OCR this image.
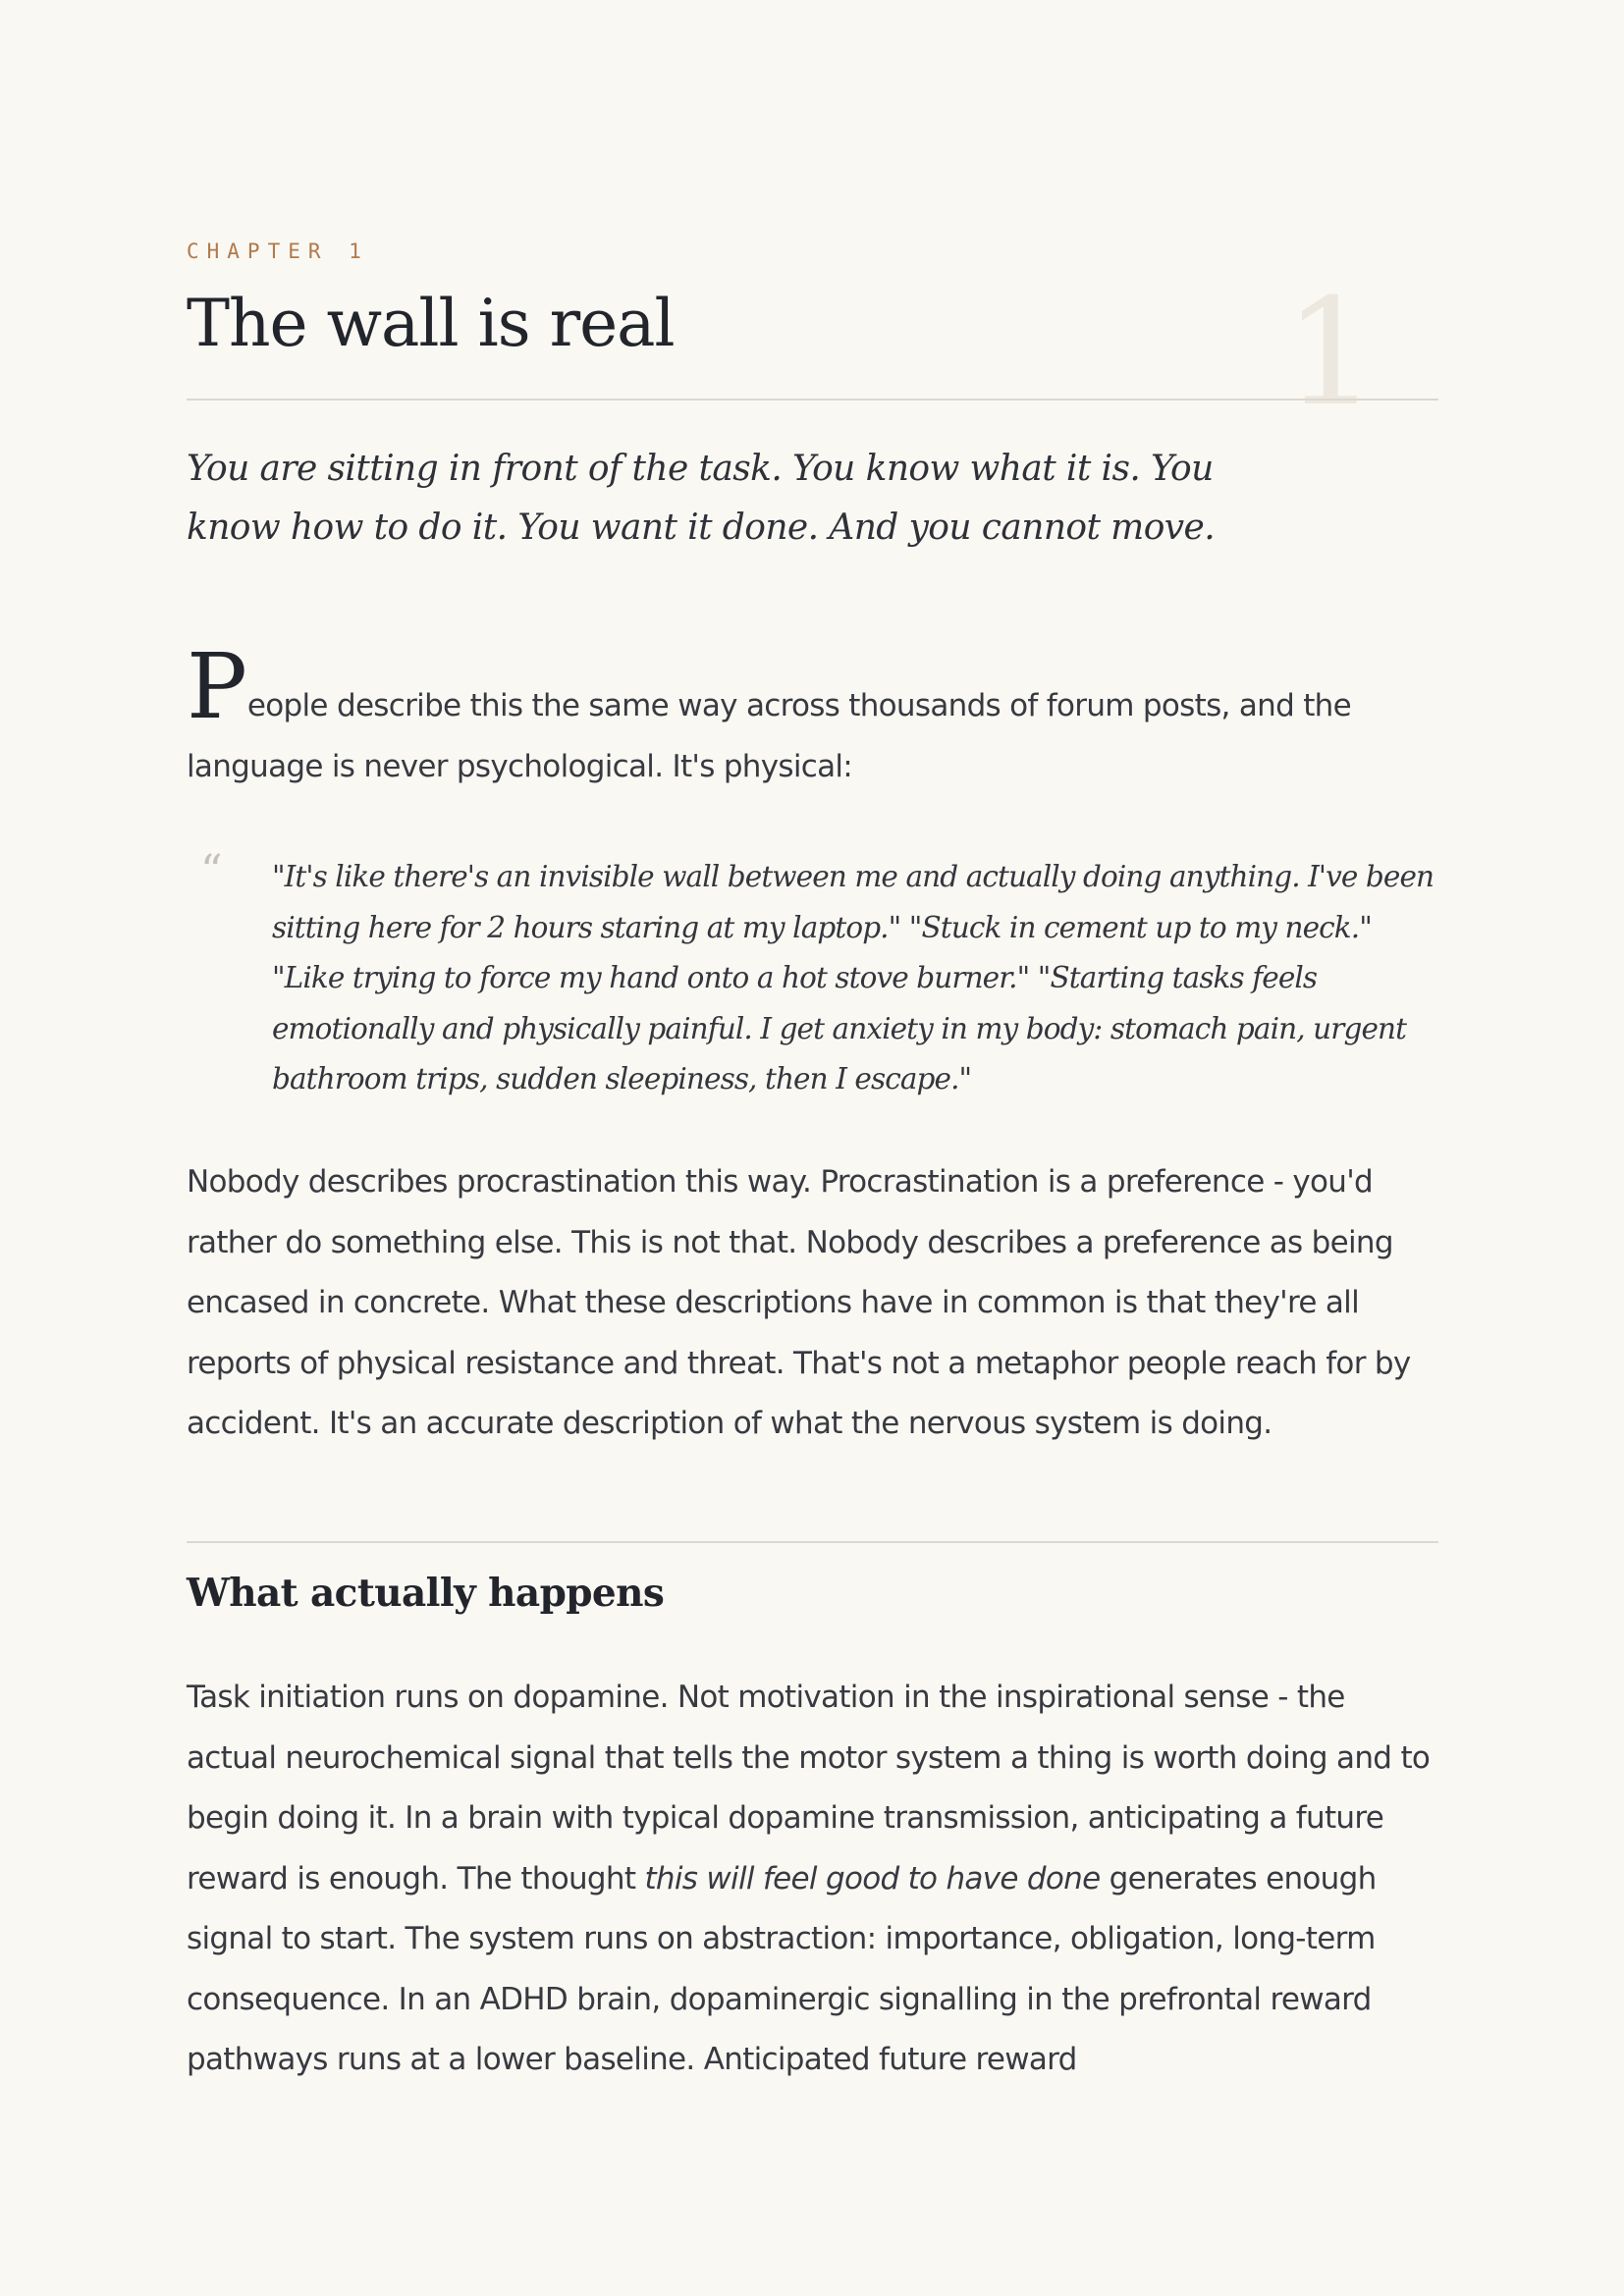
CHAPTER 1
The wall is real	1

You are sitting in front of the task. You know what it is. You know how to do it. You want it done. And you cannot move.

People describe this the same way across thousands of forum posts, and the language is never psychological. It's physical:

“ "It's like there's an invisible wall between me and actually doing anything. I've been sitting here for 2 hours staring at my laptop." "Stuck in cement up to my neck." "Like trying to force my hand onto a hot stove burner." "Starting tasks feels emotionally and physically painful. I get anxiety in my body: stomach pain, urgent bathroom trips, sudden sleepiness, then I escape."

Nobody describes procrastination this way. Procrastination is a preference - you'd rather do something else. This is not that. Nobody describes a preference as being encased in concrete. What these descriptions have in common is that they're all reports of physical resistance and threat. That's not a metaphor people reach for by accident. It's an accurate description of what the nervous system is doing.

What actually happens

Task initiation runs on dopamine. Not motivation in the inspirational sense - the actual neurochemical signal that tells the motor system a thing is worth doing and to begin doing it. In a brain with typical dopamine transmission, anticipating a future reward is enough. The thought this will feel good to have done generates enough signal to start. The system runs on abstraction: importance, obligation, long-term consequence. In an ADHD brain, dopaminergic signalling in the prefrontal reward pathways runs at a lower baseline. Anticipated future reward
